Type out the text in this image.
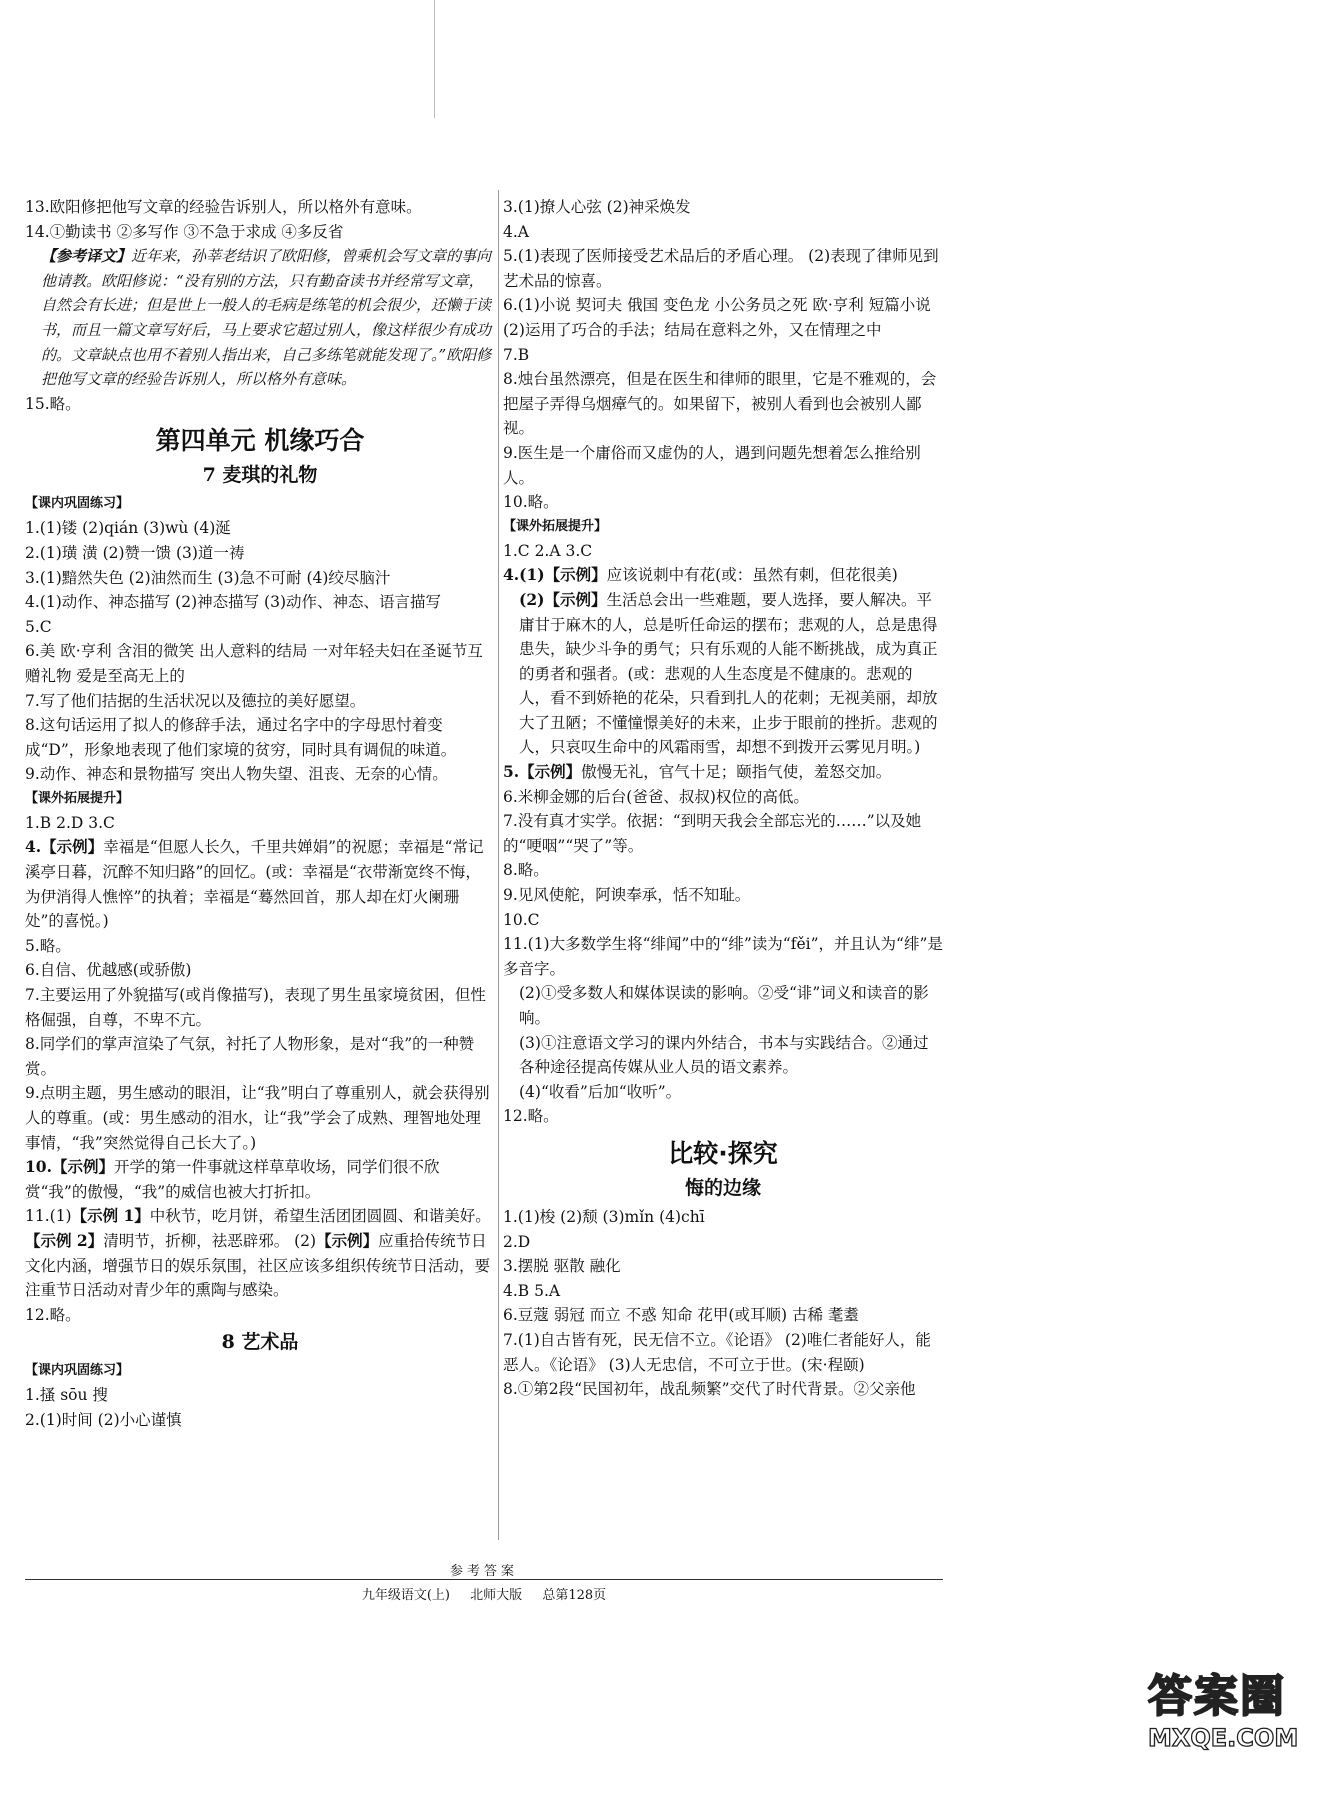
13.欧阳修把他写文章的经验告诉别人，所以格外有意味。

14.①勤读书 ②多写作 ③不急于求成 ④多反省

【参考译文】近年来，孙莘老结识了欧阳修，曾乘机会写文章的事向他请教。欧阳修说：“没有别的方法，只有勤奋读书并经常写文章，自然会有长进；但是世上一般人的毛病是练笔的机会很少，还懒于读书，而且一篇文章写好后，马上要求它超过别人，像这样很少有成功的。文章缺点也用不着别人指出来，自己多练笔就能发现了。”欧阳修把他写文章的经验告诉别人，所以格外有意味。

15.略。

第四单元 机缘巧合
7 麦琪的礼物
【课内巩固练习】

1.(1)镂 (2)qián (3)wù (4)涎

2.(1)璜 潢 (2)赞一馈 (3)道一祷

3.(1)黯然失色 (2)油然而生 (3)急不可耐 (4)绞尽脑汁

4.(1)动作、神态描写 (2)神态描写 (3)动作、神态、语言描写

5.C

6.美 欧·亨利 含泪的微笑 出人意料的结局 一对年轻夫妇在圣诞节互赠礼物 爱是至高无上的

7.写了他们拮据的生活状况以及德拉的美好愿望。

8.这句话运用了拟人的修辞手法，通过名字中的字母思忖着变成“D”，形象地表现了他们家境的贫穷，同时具有调侃的味道。

9.动作、神态和景物描写 突出人物失望、沮丧、无奈的心情。

【课外拓展提升】

1.B 2.D 3.C

4.【示例】幸福是“但愿人长久，千里共婵娟”的祝愿；幸福是“常记溪亭日暮，沉醉不知归路”的回忆。(或：幸福是“衣带渐宽终不悔，为伊消得人憔悴”的执着；幸福是“蓦然回首，那人却在灯火阑珊处”的喜悦。)

5.略。

6.自信、优越感(或骄傲)

7.主要运用了外貌描写(或肖像描写)，表现了男生虽家境贫困，但性格倔强，自尊，不卑不亢。

8.同学们的掌声渲染了气氛，衬托了人物形象，是对“我”的一种赞赏。

9.点明主题，男生感动的眼泪，让“我”明白了尊重别人，就会获得别人的尊重。(或：男生感动的泪水，让“我”学会了成熟、理智地处理事情，“我”突然觉得自己长大了。)

10.【示例】开学的第一件事就这样草草收场，同学们很不欣赏“我”的傲慢，“我”的威信也被大打折扣。

11.(1)【示例 1】中秋节，吃月饼，希望生活团团圆圆、和谐美好。【示例 2】清明节，折柳，祛恶辟邪。 (2)【示例】应重拾传统节日文化内涵，增强节日的娱乐氛围，社区应该多组织传统节日活动，要注重节日活动对青少年的熏陶与感染。

12.略。

8 艺术品
【课内巩固练习】

1.搔 sōu 搜

2.(1)时间 (2)小心谨慎

3.(1)撩人心弦 (2)神采焕发

4.A

5.(1)表现了医师接受艺术品后的矛盾心理。 (2)表现了律师见到艺术品的惊喜。

6.(1)小说 契诃夫 俄国 变色龙 小公务员之死 欧·亨利 短篇小说 (2)运用了巧合的手法；结局在意料之外，又在情理之中

7.B

8.烛台虽然漂亮，但是在医生和律师的眼里，它是不雅观的，会把屋子弄得乌烟瘴气的。如果留下，被别人看到也会被别人鄙视。

9.医生是一个庸俗而又虚伪的人，遇到问题先想着怎么推给别人。

10.略。

【课外拓展提升】

1.C 2.A 3.C

4.(1)【示例】应该说刺中有花(或：虽然有刺，但花很美)

(2)【示例】生活总会出一些难题，要人选择，要人解决。平庸甘于麻木的人，总是听任命运的摆布；悲观的人，总是患得患失，缺少斗争的勇气；只有乐观的人能不断挑战，成为真正的勇者和强者。(或：悲观的人生态度是不健康的。悲观的人，看不到娇艳的花朵，只看到扎人的花刺；无视美丽，却放大了丑陋；不懂憧憬美好的未来，止步于眼前的挫折。悲观的人，只哀叹生命中的风霜雨雪，却想不到拨开云雾见月明。)

5.【示例】傲慢无礼，官气十足；颐指气使，羞怒交加。

6.米柳金娜的后台(爸爸、叔叔)权位的高低。

7.没有真才实学。依据：“到明天我会全部忘光的……”以及她的“哽咽”“哭了”等。

8.略。

9.见风使舵，阿谀奉承，恬不知耻。

10.C

11.(1)大多数学生将“绯闻”中的“绯”读为“fěi”，并且认为“绯”是多音字。

(2)①受多数人和媒体误读的影响。②受“诽”词义和读音的影响。

(3)①注意语文学习的课内外结合，书本与实践结合。②通过各种途径提高传媒从业人员的语文素养。

(4)“收看”后加“收听”。

12.略。

比较·探究
悔的边缘

1.(1)梭 (2)颓 (3)mǐn (4)chī

2.D

3.摆脱 驱散 融化

4.B 5.A

6.豆蔻 弱冠 而立 不惑 知命 花甲(或耳顺) 古稀 耄耋

7.(1)自古皆有死，民无信不立。《论语》 (2)唯仁者能好人，能恶人。《论语》 (3)人无忠信，不可立于世。(宋·程颐)

8.①第2段“民国初年，战乱频繁”交代了时代背景。②父亲他

参考答案
九年级语文(上) 北师大版 总第128页
答案圈
MXQE.COM
